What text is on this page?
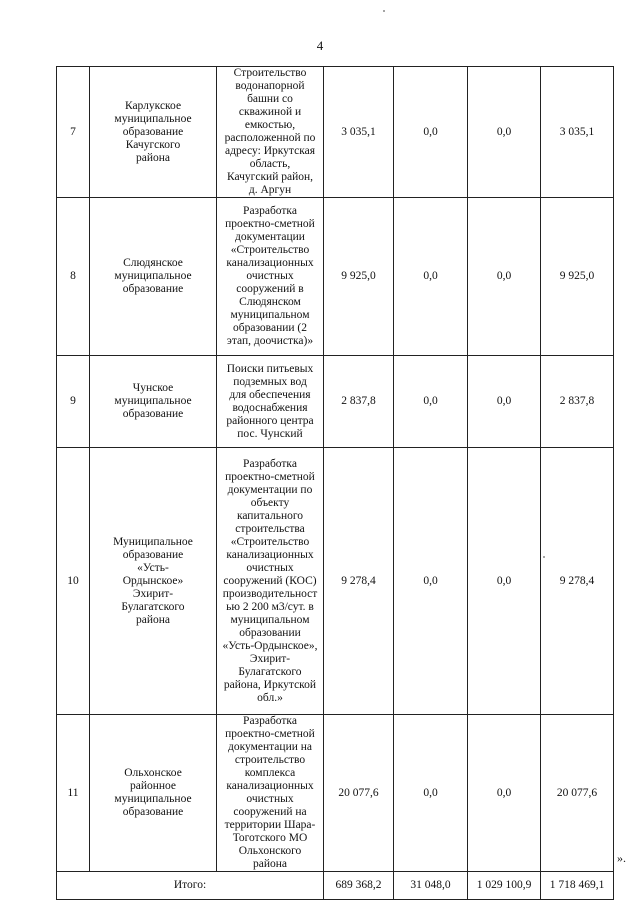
4
7	Карлукское муниципальное образование Качугского района	Строительство водонапорной башни со скважиной и емкостью, расположенной по адресу: Иркутская область, Качугский район, д. Аргун	3 035,1	0,0	0,0	3 035,1
8	Слюдянское муниципальное образование	Разработка проектно-сметной документации «Строительство канализационных очистных сооружений в Слюдянском муниципальном образовании (2 этап, доочистка)»	9 925,0	0,0	0,0	9 925,0
9	Чунское муниципальное образование	Поиски питьевых подземных вод для обеспечения водоснабжения районного центра пос. Чунский	2 837,8	0,0	0,0	2 837,8
10	Муниципальное образование «Усть-Ордынское» Эхирит-Булагатского района	Разработка проектно-сметной документации по объекту капитального строительства «Строительство канализационных очистных сооружений (КОС) производительностью 2 200 м3/сут. в муниципальном образовании «Усть-Ордынское», Эхирит-Булагатского района, Иркутской обл.»	9 278,4	0,0	0,0	9 278,4
11	Ольхонское районное муниципальное образование	Разработка проектно-сметной документации на строительство комплекса канализационных очистных сооружений на территории Шара-Тоготского МО Ольхонского района	20 077,6	0,0	0,0	20 077,6
Итого:			689 368,2	31 048,0	1 029 100,9	1 718 469,1
».
